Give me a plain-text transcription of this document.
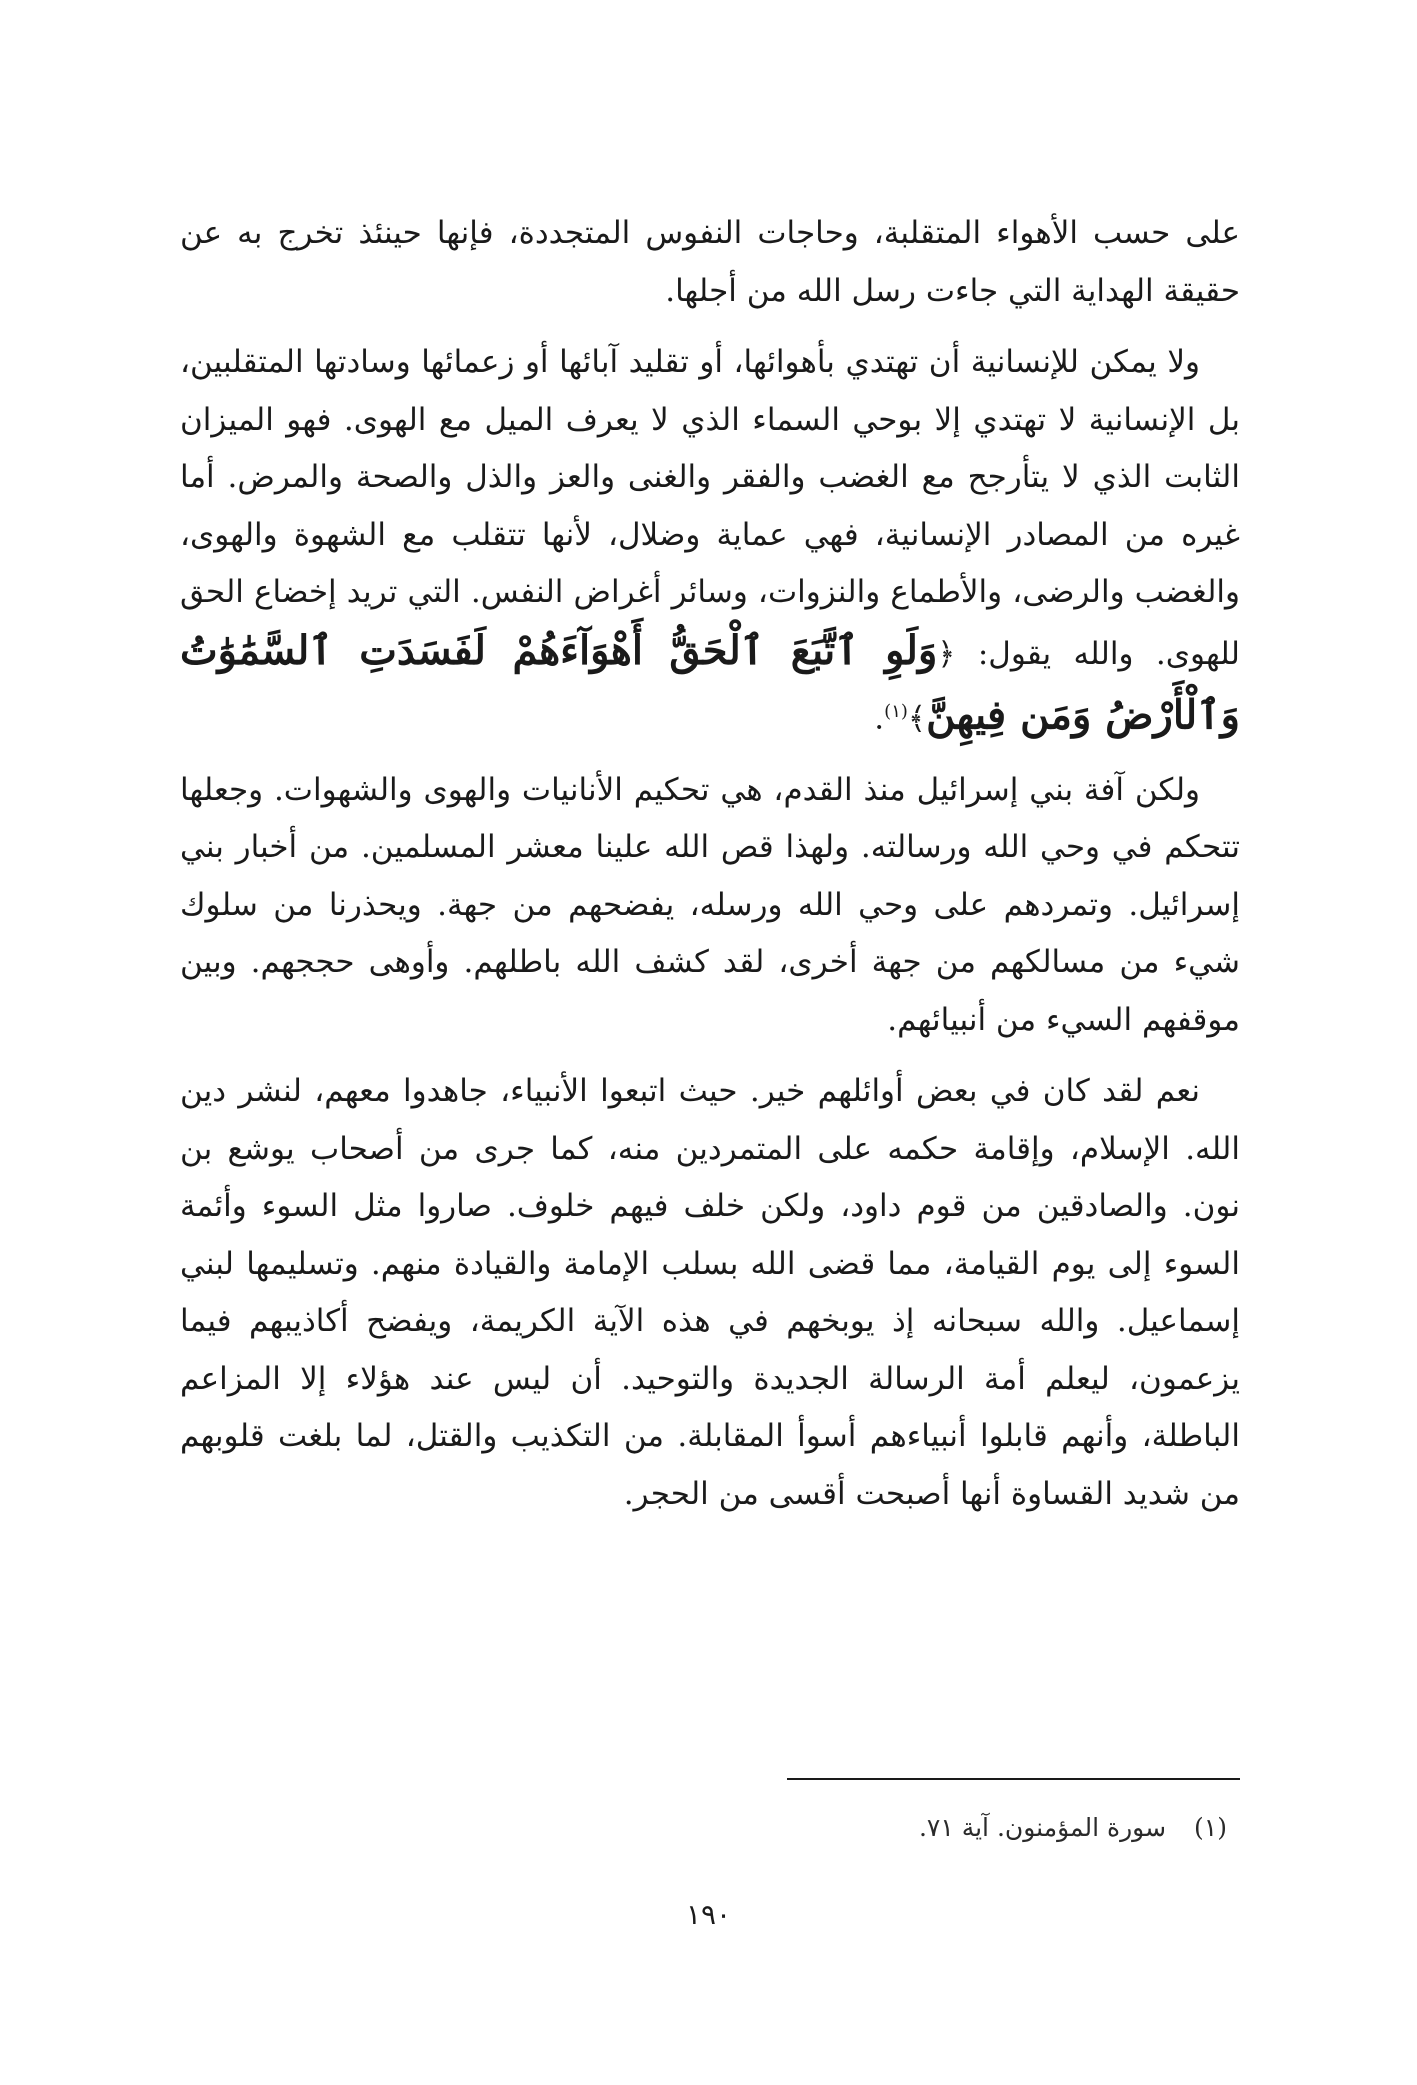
على حسب الأهواء المتقلبة، وحاجات النفوس المتجددة، فإنها حينئذ تخرج به عن حقيقة الهداية التي جاءت رسل الله من أجلها.

ولا يمكن للإنسانية أن تهتدي بأهوائها، أو تقليد آبائها أو زعمائها وسادتها المتقلبين، بل الإنسانية لا تهتدي إلا بوحي السماء الذي لا يعرف الميل مع الهوى. فهو الميزان الثابت الذي لا يتأرجح مع الغضب والفقر والغنى والعز والذل والصحة والمرض. أما غيره من المصادر الإنسانية، فهي عماية وضلال، لأنها تتقلب مع الشهوة والهوى، والغضب والرضى، والأطماع والنزوات، وسائر أغراض النفس. التي تريد إخضاع الحق للهوى. والله يقول: ﴿وَلَوِ ٱتَّبَعَ ٱلْحَقُّ أَهْوَآءَهُمْ لَفَسَدَتِ ٱلسَّمَٰوَٰتُ وَٱلْأَرْضُ وَمَن فِيهِنَّ﴾$^{(١)}$.

ولكن آفة بني إسرائيل منذ القدم، هي تحكيم الأنانيات والهوى والشهوات. وجعلها تتحكم في وحي الله ورسالته. ولهذا قص الله علينا معشر المسلمين. من أخبار بني إسرائيل. وتمردهم على وحي الله ورسله، يفضحهم من جهة. ويحذرنا من سلوك شيء من مسالكهم من جهة أخرى، لقد كشف الله باطلهم. وأوهى حججهم. وبين موقفهم السيء من أنبيائهم.

نعم لقد كان في بعض أوائلهم خير. حيث اتبعوا الأنبياء، جاهدوا معهم، لنشر دين الله. الإسلام، وإقامة حكمه على المتمردين منه، كما جرى من أصحاب يوشع بن نون. والصادقين من قوم داود، ولكن خلف فيهم خلوف. صاروا مثل السوء وأئمة السوء إلى يوم القيامة، مما قضى الله بسلب الإمامة والقيادة منهم. وتسليمها لبني إسماعيل. والله سبحانه إذ يوبخهم في هذه الآية الكريمة، ويفضح أكاذيبهم فيما يزعمون، ليعلم أمة الرسالة الجديدة والتوحيد. أن ليس عند هؤلاء إلا المزاعم الباطلة، وأنهم قابلوا أنبياءهم أسوأ المقابلة. من التكذيب والقتل، لما بلغت قلوبهم من شديد القساوة أنها أصبحت أقسى من الحجر.

(١)سورة المؤمنون. آية ٧١.
١٩٠
